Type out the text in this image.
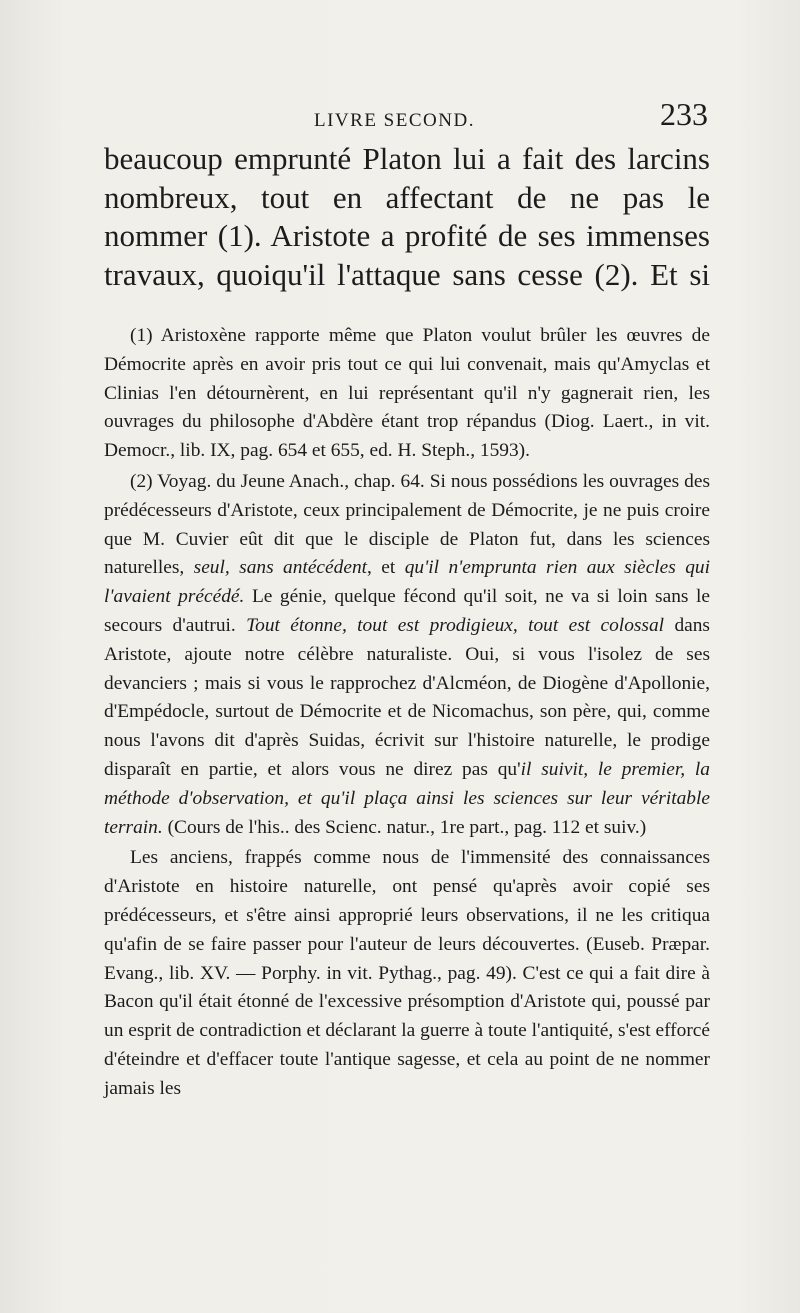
LIVRE SECOND.	233

beaucoup emprunté Platon lui a fait des larcins nombreux, tout en affectant de ne pas le nommer (1). Aristote a profité de ses immenses travaux, quoiqu'il l'attaque sans cesse (2). Et si

(1) Aristoxène rapporte même que Platon voulut brûler les œuvres de Démocrite après en avoir pris tout ce qui lui convenait, mais qu'Amyclas et Clinias l'en détournèrent, en lui représentant qu'il n'y gagnerait rien, les ouvrages du philosophe d'Abdère étant trop répandus (Diog. Laert., in vit. Democr., lib. IX, pag. 654 et 655, ed. H. Steph., 1593).

(2) Voyag. du Jeune Anach., chap. 64. Si nous possédions les ouvrages des prédécesseurs d'Aristote, ceux principalement de Démocrite, je ne puis croire que M. Cuvier eût dit que le disciple de Platon fut, dans les sciences naturelles, seul, sans antécédent, et qu'il n'emprunta rien aux siècles qui l'avaient précédé. Le génie, quelque fécond qu'il soit, ne va si loin sans le secours d'autrui. Tout étonne, tout est prodigieux, tout est colossal dans Aristote, ajoute notre célèbre naturaliste. Oui, si vous l'isolez de ses devanciers ; mais si vous le rapprochez d'Alcméon, de Diogène d'Apollonie, d'Empédocle, surtout de Démocrite et de Nicomachus, son père, qui, comme nous l'avons dit d'après Suidas, écrivit sur l'histoire naturelle, le prodige disparaît en partie, et alors vous ne direz pas qu'il suivit, le premier, la méthode d'observation, et qu'il plaça ainsi les sciences sur leur véritable terrain. (Cours de l'his.. des Scienc. natur., 1re part., pag. 112 et suiv.)

Les anciens, frappés comme nous de l'immensité des connaissances d'Aristote en histoire naturelle, ont pensé qu'après avoir copié ses prédécesseurs, et s'être ainsi approprié leurs observations, il ne les critiqua qu'afin de se faire passer pour l'auteur de leurs découvertes. (Euseb. Præpar. Evang., lib. XV. — Porphy. in vit. Pythag., pag. 49). C'est ce qui a fait dire à Bacon qu'il était étonné de l'excessive présomption d'Aristote qui, poussé par un esprit de contradiction et déclarant la guerre à toute l'antiquité, s'est efforcé d'éteindre et d'effacer toute l'antique sagesse, et cela au point de ne nommer jamais les
